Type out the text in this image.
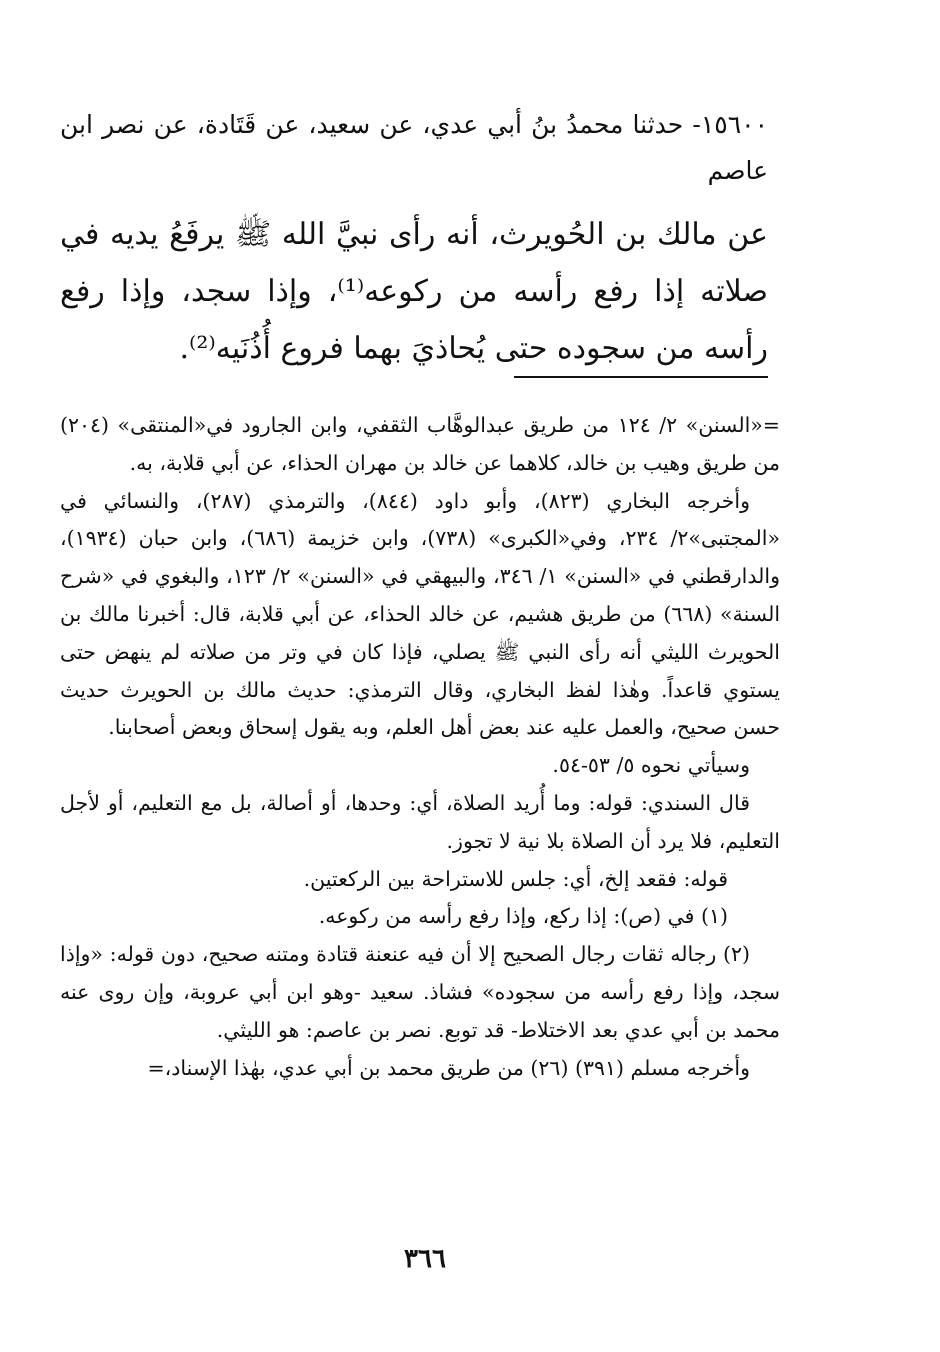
١٥٦٠٠- حدثنا محمدُ بنُ أبي عدي، عن سعيد، عن قَتَادة، عن نصر ابن عاصم

عن مالك بن الحُويرث، أنه رأى نبيَّ الله ﷺ يرفَعُ يديه في صلاته إذا رفع رأسه من ركوعه⁽¹⁾، وإذا سجد، وإذا رفع رأسه من سجوده حتى يُحاذيَ بهما فروع أُذُنَيه⁽²⁾.

=«السنن» ٢/ ١٢٤ من طريق عبدالوهَّاب الثقفي، وابن الجارود في«المنتقى» (٢٠٤) من طريق وهيب بن خالد، كلاهما عن خالد بن مهران الحذاء، عن أبي قلابة، به.

وأخرجه البخاري (٨٢٣)، وأبو داود (٨٤٤)، والترمذي (٢٨٧)، والنسائي في «المجتبى»٢/ ٢٣٤، وفي«الكبرى» (٧٣٨)، وابن خزيمة (٦٨٦)، وابن حبان (١٩٣٤)، والدارقطني في «السنن» ١/ ٣٤٦، والبيهقي في «السنن» ٢/ ١٢٣، والبغوي في «شرح السنة» (٦٦٨) من طريق هشيم، عن خالد الحذاء، عن أبي قلابة، قال: أخبرنا مالك بن الحويرث الليثي أنه رأى النبي ﷺ يصلي، فإذا كان في وتر من صلاته لم ينهض حتى يستوي قاعداً. وهٰذا لفظ البخاري، وقال الترمذي: حديث مالك بن الحويرث حديث حسن صحيح، والعمل عليه عند بعض أهل العلم، وبه يقول إسحاق وبعض أصحابنا.

وسيأتي نحوه ٥/ ٥٣-٥٤.

قال السندي: قوله: وما أُريد الصلاة، أي: وحدها، أو أصالة، بل مع التعليم، أو لأجل التعليم، فلا يرد أن الصلاة بلا نية لا تجوز.

قوله: فقعد إلخ، أي: جلس للاستراحة بين الركعتين.

(١) في (ص): إذا ركع، وإذا رفع رأسه من ركوعه.

(٢) رجاله ثقات رجال الصحيح إلا أن فيه عنعنة قتادة ومتنه صحيح، دون قوله: «وإذا سجد، وإذا رفع رأسه من سجوده» فشاذ. سعيد -وهو ابن أبي عروبة، وإن روى عنه محمد بن أبي عدي بعد الاختلاط- قد توبع. نصر بن عاصم: هو الليثي.

وأخرجه مسلم (٣٩١) (٢٦) من طريق محمد بن أبي عدي، بهٰذا الإسناد،=

٣٦٦
